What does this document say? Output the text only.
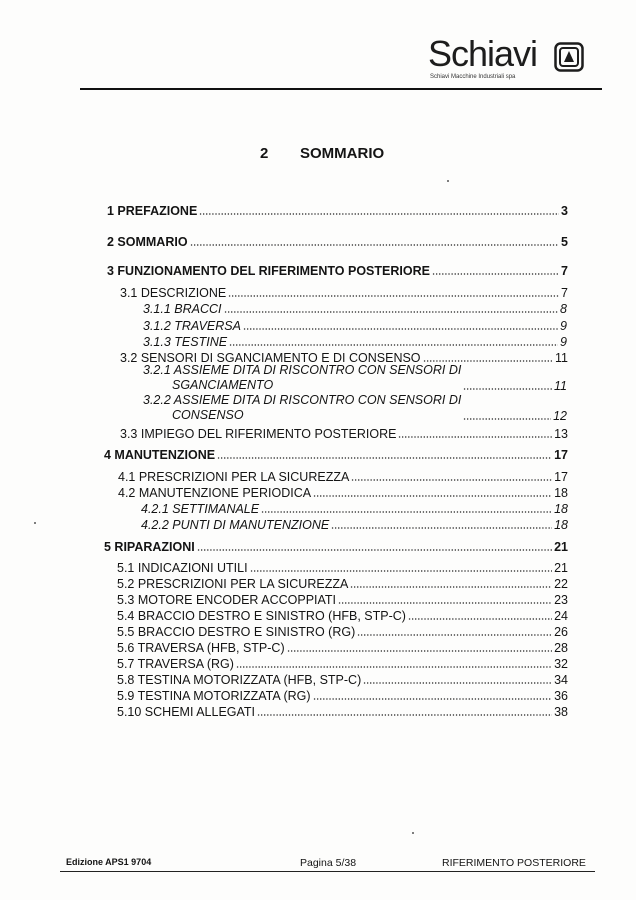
Schiavi
Schiavi Macchine Industriali spa
2 SOMMARIO
1 PREFAZIONE	3
2 SOMMARIO	5
3 FUNZIONAMENTO DEL RIFERIMENTO POSTERIORE	7
3.1 DESCRIZIONE	7
3.1.1 BRACCI	8
3.1.2 TRAVERSA	9
3.1.3 TESTINE	9
3.2 SENSORI DI SGANCIAMENTO E DI CONSENSO	11
3.2.1 ASSIEME DITA DI RISCONTRO CON SENSORI DI
SGANCIAMENTO	11
3.2.2 ASSIEME DITA DI RISCONTRO CON SENSORI DI
CONSENSO	12
3.3 IMPIEGO DEL RIFERIMENTO POSTERIORE	13
4 MANUTENZIONE	17
4.1 PRESCRIZIONI PER LA SICUREZZA	17
4.2 MANUTENZIONE PERIODICA	18
4.2.1 SETTIMANALE	18
4.2.2 PUNTI DI MANUTENZIONE	18
5 RIPARAZIONI	21
5.1 INDICAZIONI UTILI	21
5.2 PRESCRIZIONI PER LA SICUREZZA	22
5.3 MOTORE ENCODER ACCOPPIATI	23
5.4 BRACCIO DESTRO E SINISTRO (HFB, STP-C)	24
5.5 BRACCIO DESTRO E SINISTRO (RG)	26
5.6 TRAVERSA (HFB, STP-C)	28
5.7 TRAVERSA (RG)	32
5.8 TESTINA MOTORIZZATA (HFB, STP-C)	34
5.9 TESTINA MOTORIZZATA (RG)	36
5.10 SCHEMI ALLEGATI	38
Edizione APS1 9704	Pagina 5/38	RIFERIMENTO POSTERIORE
